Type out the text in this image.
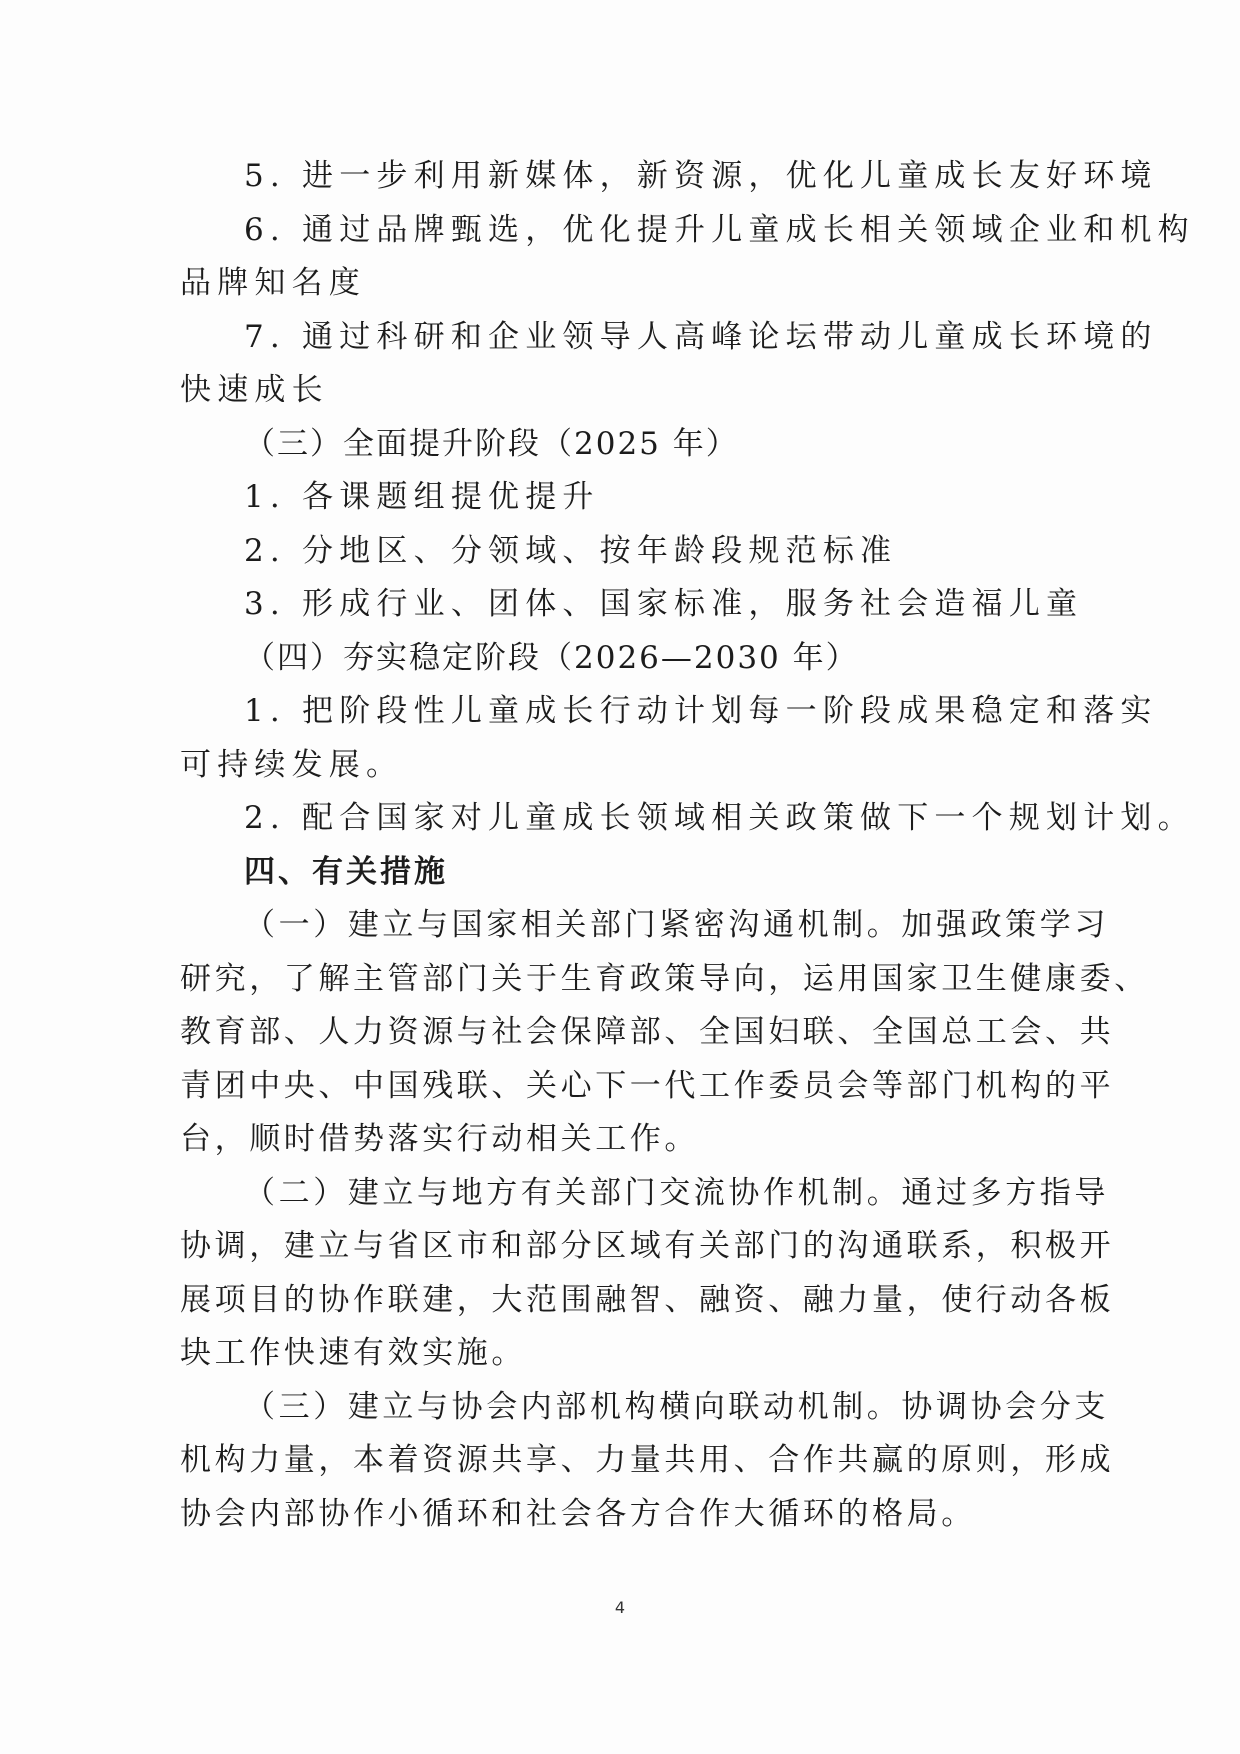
5. 进一步利用新媒体，新资源，优化儿童成长友好环境
6. 通过品牌甄选，优化提升儿童成长相关领域企业和机构
品牌知名度
7. 通过科研和企业领导人高峰论坛带动儿童成长环境的
快速成长
（三）全面提升阶段（2025 年）
1. 各课题组提优提升
2. 分地区、分领域、按年龄段规范标准
3. 形成行业、团体、国家标准，服务社会造福儿童
（四）夯实稳定阶段（2026—2030 年）
1. 把阶段性儿童成长行动计划每一阶段成果稳定和落实
可持续发展。
2. 配合国家对儿童成长领域相关政策做下一个规划计划。
四、有关措施
（一）建立与国家相关部门紧密沟通机制。加强政策学习
研究，了解主管部门关于生育政策导向，运用国家卫生健康委、
教育部、人力资源与社会保障部、全国妇联、全国总工会、共
青团中央、中国残联、关心下一代工作委员会等部门机构的平
台，顺时借势落实行动相关工作。
（二）建立与地方有关部门交流协作机制。通过多方指导
协调，建立与省区市和部分区域有关部门的沟通联系，积极开
展项目的协作联建，大范围融智、融资、融力量，使行动各板
块工作快速有效实施。
（三）建立与协会内部机构横向联动机制。协调协会分支
机构力量，本着资源共享、力量共用、合作共赢的原则，形成
协会内部协作小循环和社会各方合作大循环的格局。
4
